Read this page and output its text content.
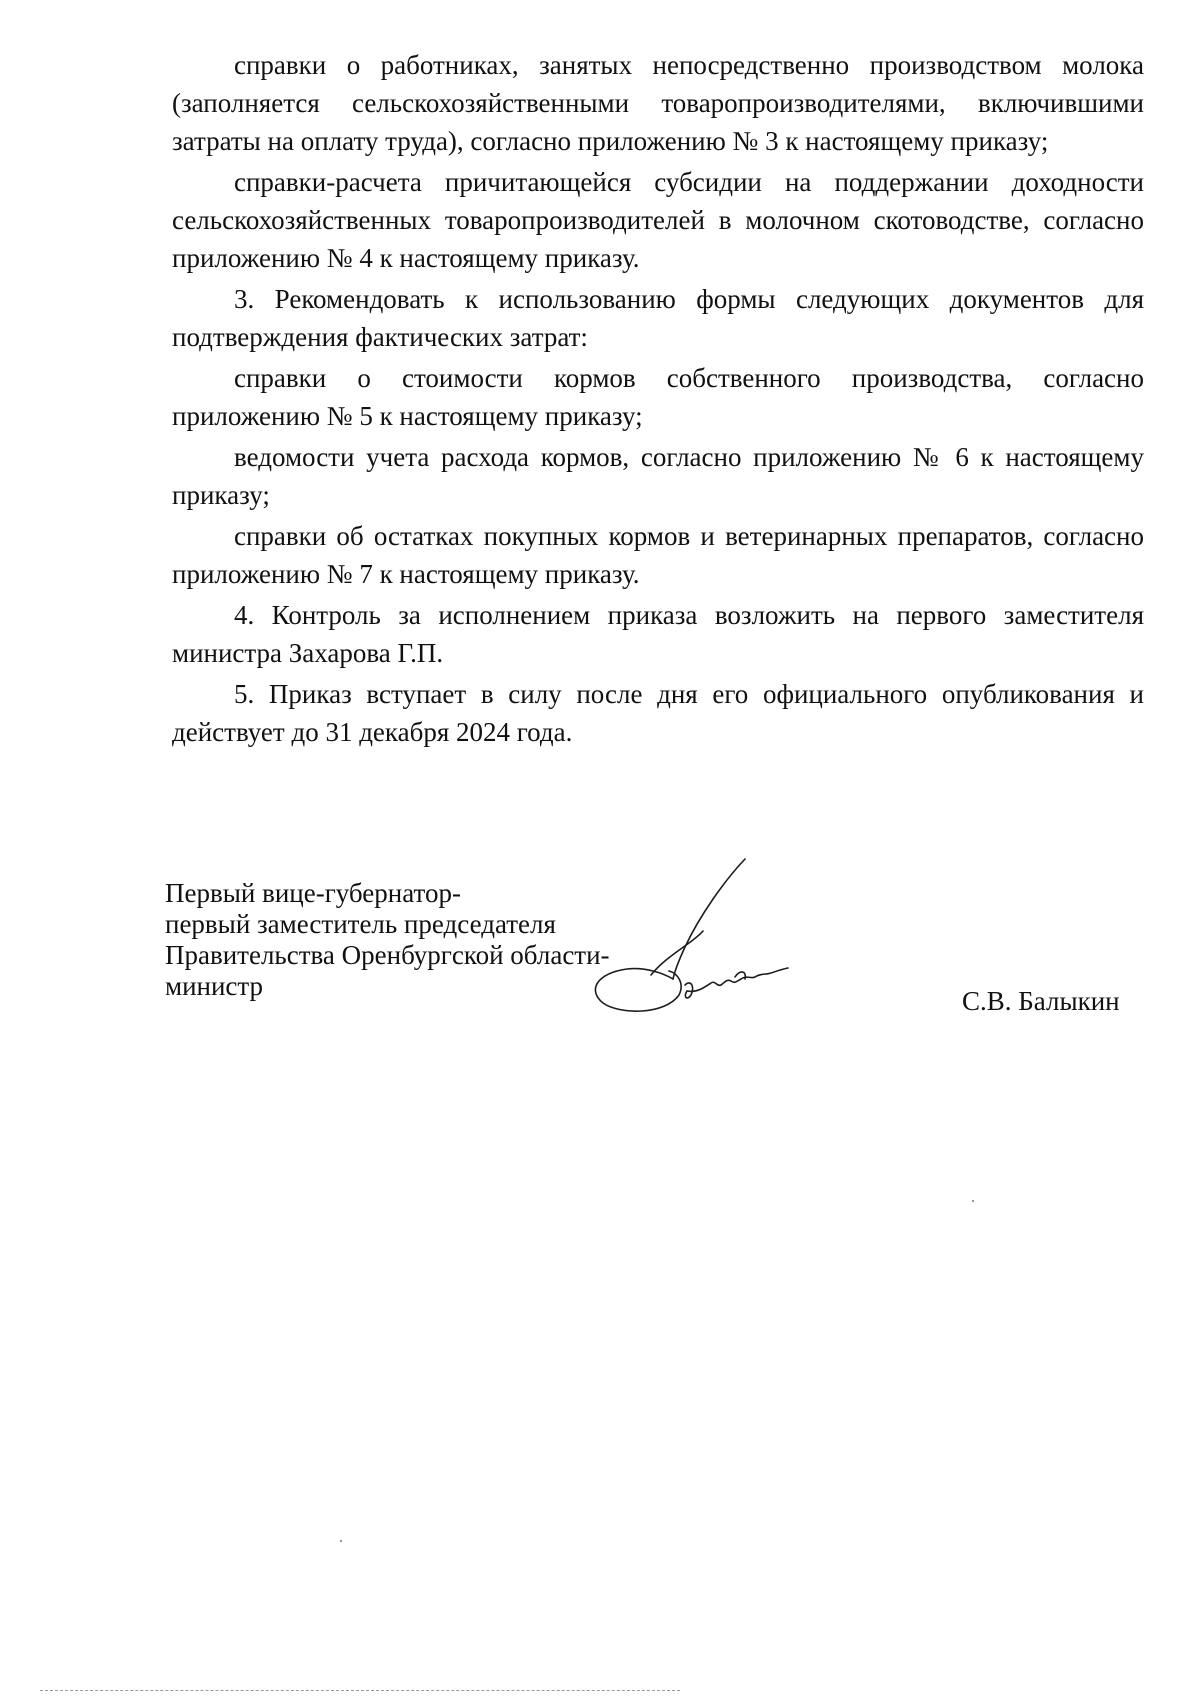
справки о работниках, занятых непосредственно производством молока (заполняется сельскохозяйственными товаропроизводителями, включившими затраты на оплату труда), согласно приложению № 3 к настоящему приказу;

справки-расчета причитающейся субсидии на поддержании доходности сельскохозяйственных товаропроизводителей в молочном скотоводстве, согласно приложению № 4 к настоящему приказу.

3. Рекомендовать к использованию формы следующих документов для подтверждения фактических затрат:

справки о стоимости кормов собственного производства, согласно приложению № 5 к настоящему приказу;

ведомости учета расхода кормов, согласно приложению № 6 к настоящему приказу;

справки об остатках покупных кормов и ветеринарных препаратов, согласно приложению № 7 к настоящему приказу.

4. Контроль за исполнением приказа возложить на первого заместителя министра Захарова Г.П.

5. Приказ вступает в силу после дня его официального опубликования и действует до 31 декабря 2024 года.

Первый вице-губернатор-

первый заместитель председателя

Правительства Оренбургской области-

министр	С.В. Балыкин
